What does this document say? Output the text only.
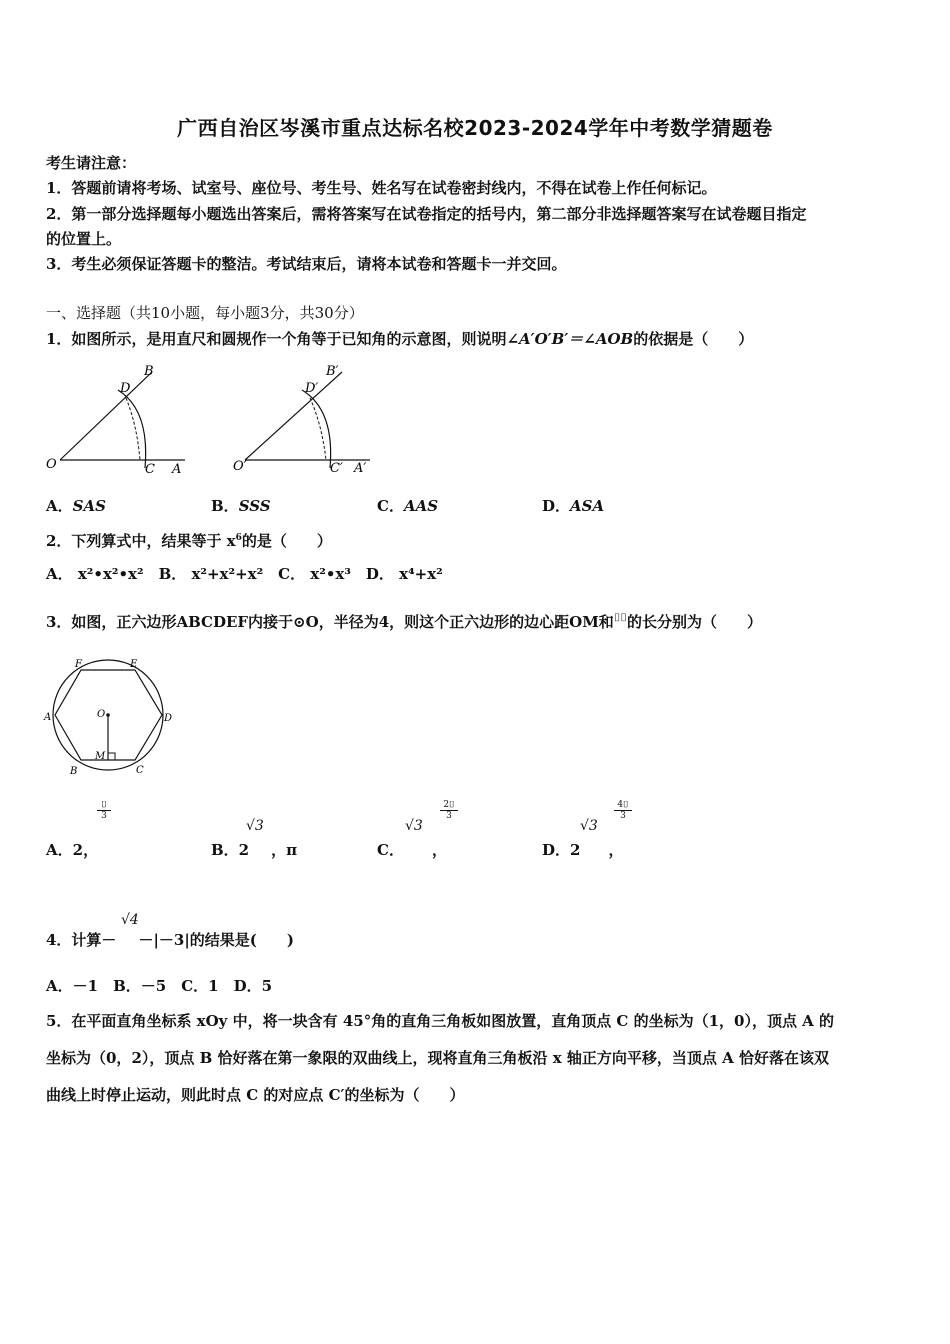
广西自治区岑溪市重点达标名校2023-2024学年中考数学猜题卷
考生请注意：
1．答题前请将考场、试室号、座位号、考生号、姓名写在试卷密封线内，不得在试卷上作任何标记。
2．第一部分选择题每小题选出答案后，需将答案写在试卷指定的括号内，第二部分非选择题答案写在试卷题目指定
的位置上。
3．考生必须保证答题卡的整洁。考试结束后，请将本试卷和答题卡一并交回。
一、选择题（共10小题，每小题3分，共30分）
1．如图所示，是用直尺和圆规作一个角等于已知角的示意图，则说明∠A′O′B′＝∠AOB的依据是（　　）
O	A
B
C
D
O′	A′
B′
C′
D′
A．SAS	B．SSS	C．AAS	D．ASA
2．下列算式中，结果等于 $x^6$的是（　　）
A． x²•x²•x²　B． x²+x²+x²　C． x²•x³　D． x⁴+x²
3．如图，正六边形ABCDEF内接于⊙O，半径为4，则这个正六边形的边心距OM和⌷⌷的长分别为（　　）
A
B	C
D
E
F
O
M
⌷
3
A．2，
√3
B．2 ，π
√3
$\frac{2⌷}{3}$
C． ，
√3
$\frac{4⌷}{3}$
D．2 ，
√4
4．计算－ －|－3|的结果是(　　)
A．－1　B．－5　C．1　D．5
5．在平面直角坐标系 xOy 中，将一块含有 45°角的直角三角板如图放置，直角顶点 C 的坐标为（1，0），顶点 A 的
坐标为（0，2），顶点 B 恰好落在第一象限的双曲线上，现将直角三角板沿 x 轴正方向平移，当顶点 A 恰好落在该双
曲线上时停止运动，则此时点 C 的对应点 C′的坐标为（　　）
